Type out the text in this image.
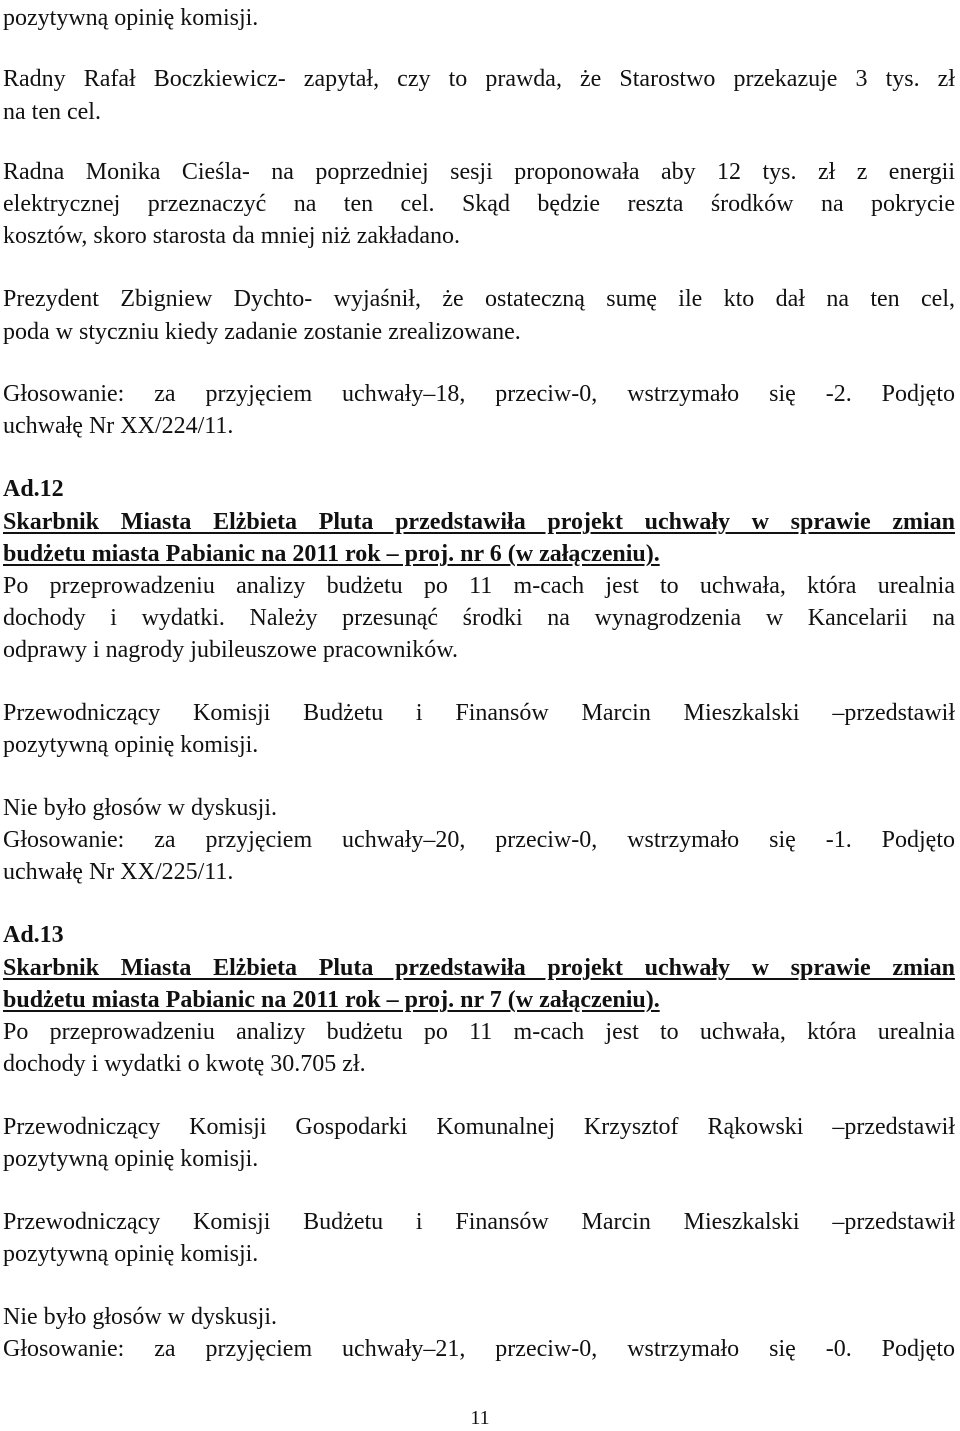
pozytywną opinię komisji.
Radny Rafał Boczkiewicz- zapytał, czy to prawda, że Starostwo przekazuje 3 tys. zł
na ten cel.
Radna Monika Cieśla- na poprzedniej sesji proponowała aby 12 tys. zł z energii
elektrycznej przeznaczyć na ten cel. Skąd będzie reszta środków na pokrycie
kosztów, skoro starosta da mniej niż zakładano.
Prezydent Zbigniew Dychto- wyjaśnił, że ostateczną sumę ile kto dał na ten cel,
poda w styczniu kiedy zadanie zostanie zrealizowane.
Głosowanie: za przyjęciem uchwały–18, przeciw-0, wstrzymało się -2. Podjęto
uchwałę Nr XX/224/11.
Ad.12
Skarbnik Miasta Elżbieta Pluta przedstawiła projekt uchwały w sprawie zmian
budżetu miasta Pabianic na 2011 rok – proj. nr 6 (w załączeniu).
Po przeprowadzeniu analizy budżetu po 11 m-cach jest to uchwała, która urealnia
dochody i wydatki. Należy przesunąć środki na wynagrodzenia w Kancelarii na
odprawy i nagrody jubileuszowe pracowników.
Przewodniczący Komisji Budżetu i Finansów Marcin Mieszkalski –przedstawił
pozytywną opinię komisji.
Nie było głosów w dyskusji.
Głosowanie: za przyjęciem uchwały–20, przeciw-0, wstrzymało się -1. Podjęto
uchwałę Nr XX/225/11.
Ad.13
Skarbnik Miasta Elżbieta Pluta przedstawiła projekt uchwały w sprawie zmian
budżetu miasta Pabianic na 2011 rok – proj. nr 7 (w załączeniu).
Po przeprowadzeniu analizy budżetu po 11 m-cach jest to uchwała, która urealnia
dochody i wydatki o kwotę 30.705 zł.
Przewodniczący Komisji Gospodarki Komunalnej Krzysztof Rąkowski –przedstawił
pozytywną opinię komisji.
Przewodniczący Komisji Budżetu i Finansów Marcin Mieszkalski –przedstawił
pozytywną opinię komisji.
Nie było głosów w dyskusji.
Głosowanie: za przyjęciem uchwały–21, przeciw-0, wstrzymało się -0. Podjęto
11
